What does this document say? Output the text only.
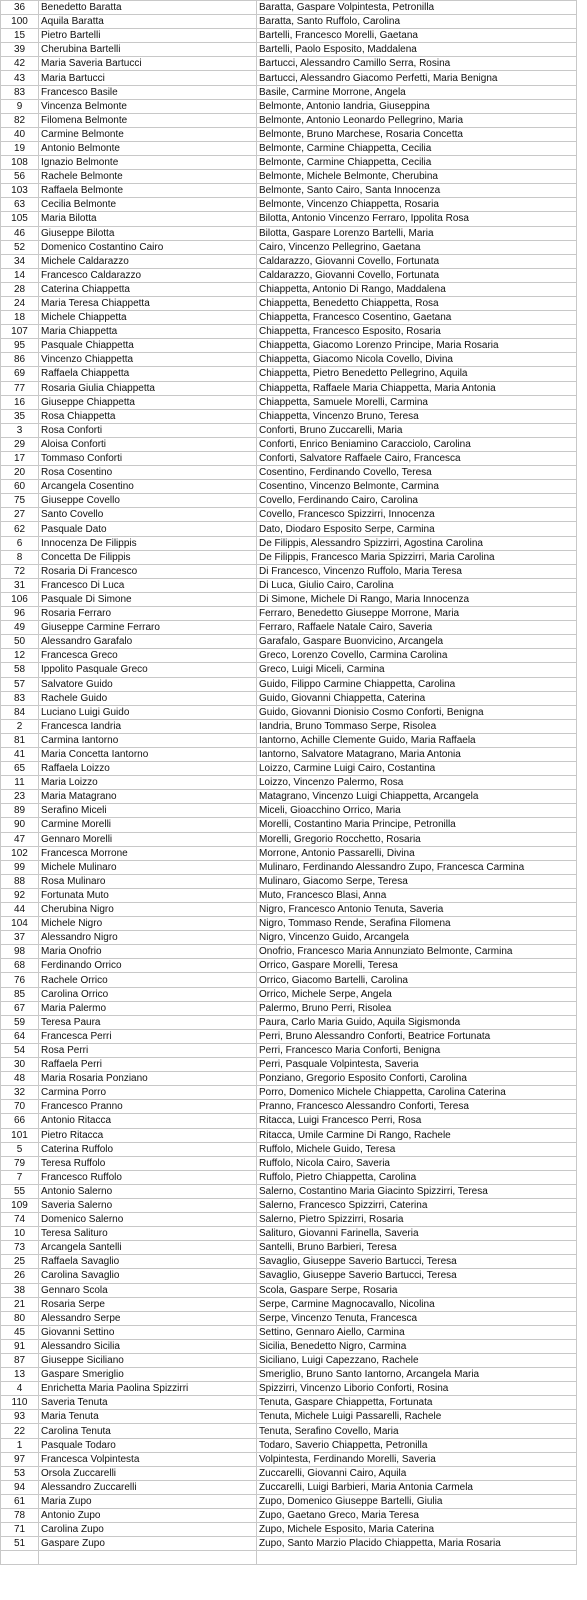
36	Benedetto Baratta	Baratta, Gaspare Volpintesta, Petronilla
100	Aquila Baratta	Baratta, Santo Ruffolo, Carolina
15	Pietro Bartelli	Bartelli, Francesco Morelli, Gaetana
39	Cherubina Bartelli	Bartelli, Paolo Esposito, Maddalena
42	Maria Saveria Bartucci	Bartucci, Alessandro Camillo Serra, Rosina
43	Maria Bartucci	Bartucci, Alessandro Giacomo Perfetti, Maria Benigna
83	Francesco Basile	Basile, Carmine Morrone, Angela
9	Vincenza Belmonte	Belmonte, Antonio Iandria, Giuseppina
82	Filomena Belmonte	Belmonte, Antonio Leonardo Pellegrino, Maria
40	Carmine Belmonte	Belmonte, Bruno Marchese, Rosaria Concetta
19	Antonio Belmonte	Belmonte, Carmine Chiappetta, Cecilia
108	Ignazio Belmonte	Belmonte, Carmine Chiappetta, Cecilia
56	Rachele Belmonte	Belmonte, Michele Belmonte, Cherubina
103	Raffaela Belmonte	Belmonte, Santo Cairo, Santa Innocenza
63	Cecilia Belmonte	Belmonte, Vincenzo Chiappetta, Rosaria
105	Maria Bilotta	Bilotta, Antonio Vincenzo Ferraro, Ippolita Rosa
46	Giuseppe Bilotta	Bilotta, Gaspare Lorenzo Bartelli, Maria
52	Domenico Costantino Cairo	Cairo, Vincenzo Pellegrino, Gaetana
34	Michele Caldarazzo	Caldarazzo, Giovanni Covello, Fortunata
14	Francesco Caldarazzo	Caldarazzo, Giovanni Covello, Fortunata
28	Caterina Chiappetta	Chiappetta, Antonio Di Rango, Maddalena
24	Maria Teresa Chiappetta	Chiappetta, Benedetto Chiappetta, Rosa
18	Michele Chiappetta	Chiappetta, Francesco Cosentino, Gaetana
107	Maria Chiappetta	Chiappetta, Francesco Esposito, Rosaria
95	Pasquale Chiappetta	Chiappetta, Giacomo Lorenzo Principe, Maria Rosaria
86	Vincenzo Chiappetta	Chiappetta, Giacomo Nicola Covello, Divina
69	Raffaela Chiappetta	Chiappetta, Pietro Benedetto Pellegrino, Aquila
77	Rosaria Giulia Chiappetta	Chiappetta, Raffaele Maria Chiappetta, Maria Antonia
16	Giuseppe Chiappetta	Chiappetta, Samuele Morelli, Carmina
35	Rosa Chiappetta	Chiappetta, Vincenzo Bruno, Teresa
3	Rosa Conforti	Conforti, Bruno Zuccarelli, Maria
29	Aloisa Conforti	Conforti, Enrico Beniamino Caracciolo, Carolina
17	Tommaso Conforti	Conforti, Salvatore Raffaele Cairo, Francesca
20	Rosa Cosentino	Cosentino, Ferdinando Covello, Teresa
60	Arcangela Cosentino	Cosentino, Vincenzo Belmonte, Carmina
75	Giuseppe Covello	Covello, Ferdinando Cairo, Carolina
27	Santo Covello	Covello, Francesco Spizzirri, Innocenza
62	Pasquale Dato	Dato, Diodaro Esposito Serpe, Carmina
6	Innocenza De Filippis	De Filippis, Alessandro Spizzirri, Agostina Carolina
8	Concetta De Filippis	De Filippis, Francesco Maria Spizzirri, Maria Carolina
72	Rosaria Di Francesco	Di Francesco, Vincenzo Ruffolo, Maria Teresa
31	Francesco Di Luca	Di Luca, Giulio Cairo, Carolina
106	Pasquale Di Simone	Di Simone, Michele Di Rango, Maria Innocenza
96	Rosaria Ferraro	Ferraro, Benedetto Giuseppe Morrone, Maria
49	Giuseppe Carmine Ferraro	Ferraro, Raffaele Natale Cairo, Saveria
50	Alessandro Garafalo	Garafalo, Gaspare Buonvicino, Arcangela
12	Francesca Greco	Greco, Lorenzo Covello, Carmina Carolina
58	Ippolito Pasquale Greco	Greco, Luigi Miceli, Carmina
57	Salvatore Guido	Guido, Filippo Carmine Chiappetta, Carolina
83	Rachele Guido	Guido, Giovanni Chiappetta, Caterina
84	Luciano Luigi Guido	Guido, Giovanni Dionisio Cosmo Conforti, Benigna
2	Francesca Iandria	Iandria, Bruno Tommaso Serpe, Risolea
81	Carmina Iantorno	Iantorno, Achille Clemente Guido, Maria Raffaela
41	Maria Concetta Iantorno	Iantorno, Salvatore Matagrano, Maria Antonia
65	Raffaela Loizzo	Loizzo, Carmine Luigi Cairo, Costantina
11	Maria Loizzo	Loizzo, Vincenzo Palermo, Rosa
23	Maria Matagrano	Matagrano, Vincenzo Luigi Chiappetta, Arcangela
89	Serafino Miceli	Miceli, Gioacchino Orrico, Maria
90	Carmine Morelli	Morelli, Costantino Maria Principe, Petronilla
47	Gennaro Morelli	Morelli, Gregorio Rocchetto, Rosaria
102	Francesca Morrone	Morrone, Antonio Passarelli, Divina
99	Michele Mulinaro	Mulinaro, Ferdinando Alessandro Zupo, Francesca Carmina
88	Rosa Mulinaro	Mulinaro, Giacomo Serpe, Teresa
92	Fortunata Muto	Muto, Francesco Blasi, Anna
44	Cherubina Nigro	Nigro, Francesco Antonio Tenuta, Saveria
104	Michele Nigro	Nigro, Tommaso Rende, Serafina Filomena
37	Alessandro Nigro	Nigro, Vincenzo Guido, Arcangela
98	Maria Onofrio	Onofrio, Francesco Maria Annunziato Belmonte, Carmina
68	Ferdinando Orrico	Orrico, Gaspare Morelli, Teresa
76	Rachele Orrico	Orrico, Giacomo Bartelli, Carolina
85	Carolina Orrico	Orrico, Michele Serpe, Angela
67	Maria Palermo	Palermo, Bruno Perri, Risolea
59	Teresa Paura	Paura, Carlo Maria Guido, Aquila Sigismonda
64	Francesca Perri	Perri, Bruno Alessandro Conforti, Beatrice Fortunata
54	Rosa Perri	Perri, Francesco Maria Conforti, Benigna
30	Raffaela Perri	Perri, Pasquale Volpintesta, Saveria
48	Maria Rosaria Ponziano	Ponziano, Gregorio Esposito Conforti, Carolina
32	Carmina Porro	Porro, Domenico Michele Chiappetta, Carolina Caterina
70	Francesco Pranno	Pranno, Francesco Alessandro Conforti, Teresa
66	Antonio Ritacca	Ritacca, Luigi Francesco Perri, Rosa
101	Pietro Ritacca	Ritacca, Umile Carmine Di Rango, Rachele
5	Caterina Ruffolo	Ruffolo, Michele Guido, Teresa
79	Teresa Ruffolo	Ruffolo, Nicola Cairo, Saveria
7	Francesco Ruffolo	Ruffolo, Pietro Chiappetta, Carolina
55	Antonio Salerno	Salerno, Costantino Maria Giacinto Spizzirri, Teresa
109	Saveria Salerno	Salerno, Francesco Spizzirri, Caterina
74	Domenico Salerno	Salerno, Pietro Spizzirri, Rosaria
10	Teresa Salituro	Salituro, Giovanni Farinella, Saveria
73	Arcangela Santelli	Santelli, Bruno Barbieri, Teresa
25	Raffaela Savaglio	Savaglio, Giuseppe Saverio Bartucci, Teresa
26	Carolina Savaglio	Savaglio, Giuseppe Saverio Bartucci, Teresa
38	Gennaro Scola	Scola, Gaspare Serpe, Rosaria
21	Rosaria Serpe	Serpe, Carmine Magnocavallo, Nicolina
80	Alessandro Serpe	Serpe, Vincenzo Tenuta, Francesca
45	Giovanni Settino	Settino, Gennaro Aiello, Carmina
91	Alessandro Sicilia	Sicilia, Benedetto Nigro, Carmina
87	Giuseppe Siciliano	Siciliano, Luigi Capezzano, Rachele
13	Gaspare Smeriglio	Smeriglio, Bruno Santo Iantorno, Arcangela Maria
4	Enrichetta Maria Paolina Spizzirri	Spizzirri, Vincenzo Liborio Conforti, Rosina
110	Saveria Tenuta	Tenuta, Gaspare Chiappetta, Fortunata
93	Maria Tenuta	Tenuta, Michele Luigi Passarelli, Rachele
22	Carolina Tenuta	Tenuta, Serafino Covello, Maria
1	Pasquale Todaro	Todaro, Saverio Chiappetta, Petronilla
97	Francesca Volpintesta	Volpintesta, Ferdinando Morelli, Saveria
53	Orsola Zuccarelli	Zuccarelli, Giovanni Cairo, Aquila
94	Alessandro Zuccarelli	Zuccarelli, Luigi Barbieri, Maria Antonia Carmela
61	Maria Zupo	Zupo, Domenico Giuseppe Bartelli, Giulia
78	Antonio Zupo	Zupo, Gaetano Greco, Maria Teresa
71	Carolina Zupo	Zupo, Michele Esposito, Maria Caterina
51	Gaspare Zupo	Zupo, Santo Marzio Placido Chiappetta, Maria Rosaria
